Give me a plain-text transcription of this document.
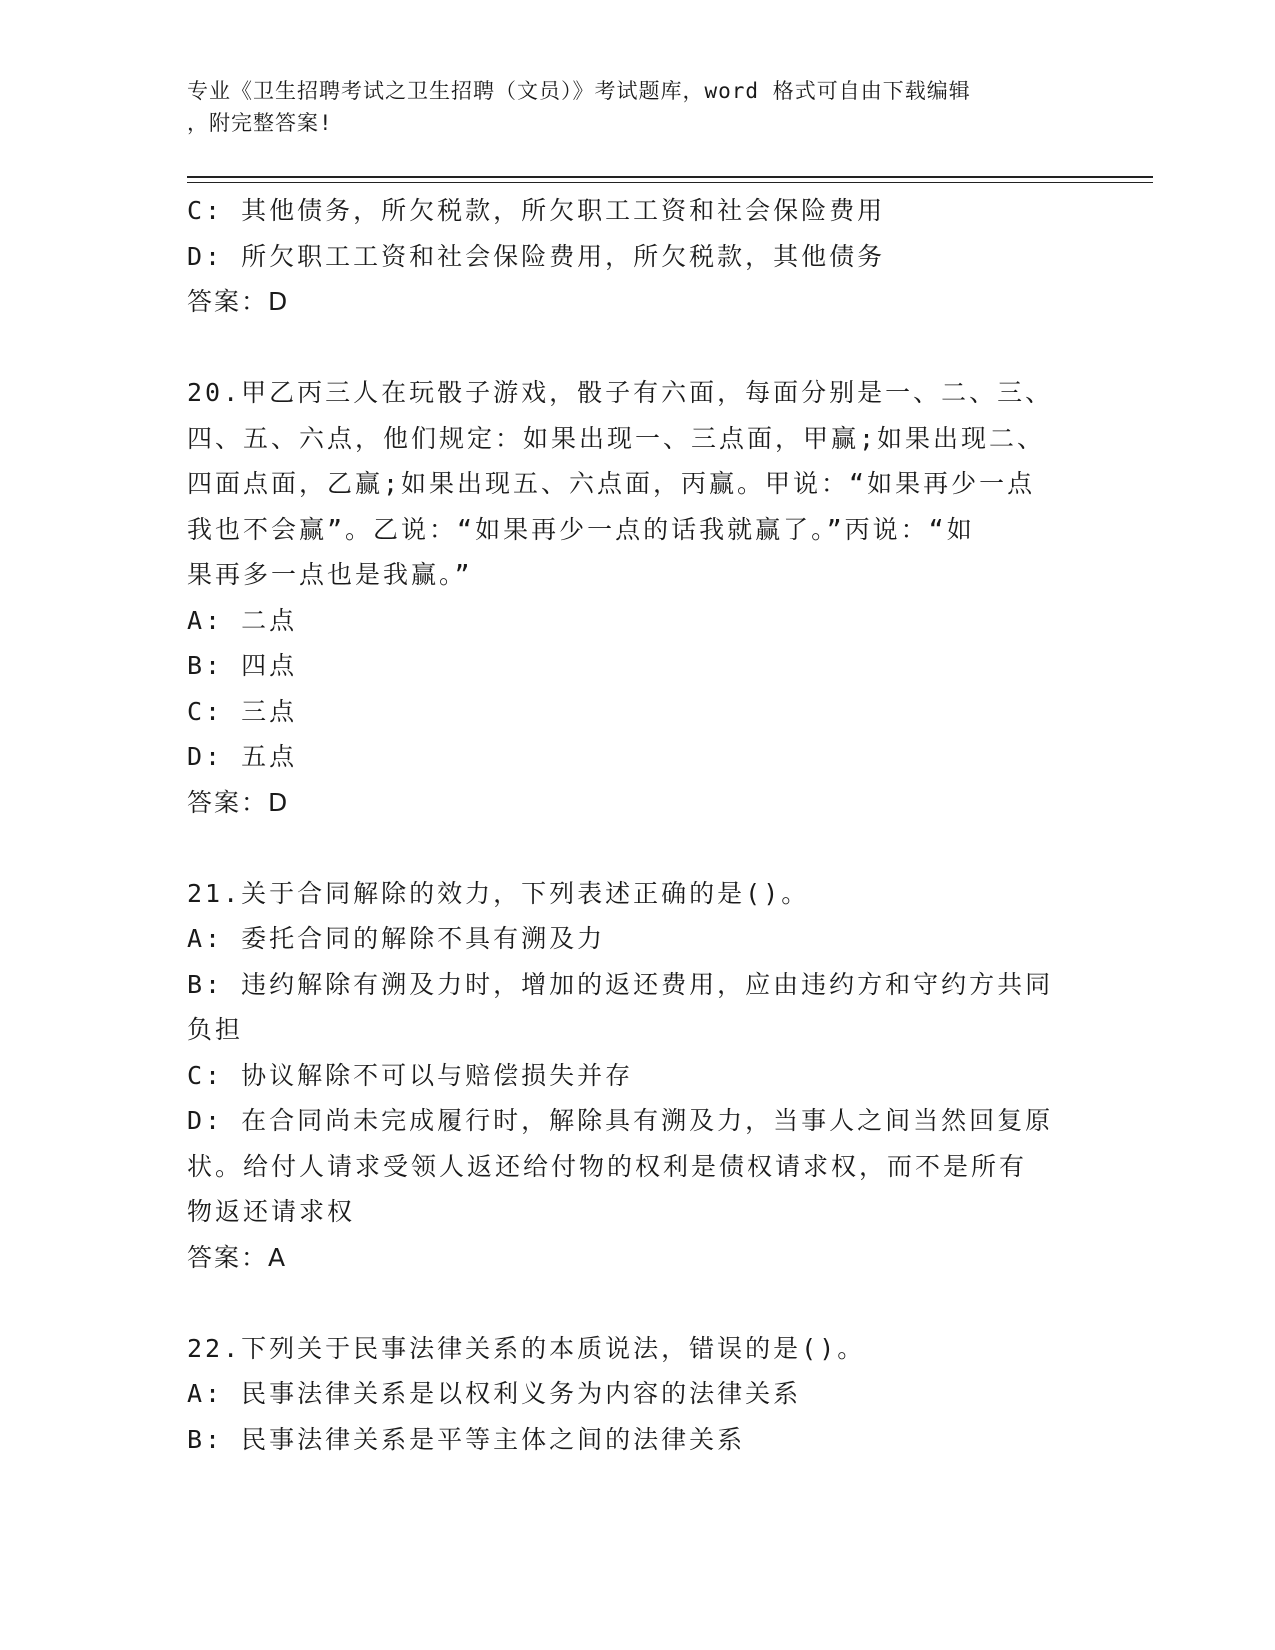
专业《卫生招聘考试之卫生招聘（文员）》考试题库，word 格式可自由下载编辑
，附完整答案!
C: 其他债务，所欠税款，所欠职工工资和社会保险费用
D: 所欠职工工资和社会保险费用，所欠税款，其他债务
答案：D
20.甲乙丙三人在玩骰子游戏，骰子有六面，每面分别是一、二、三、
四、五、六点，他们规定：如果出现一、三点面，甲赢;如果出现二、
四面点面，乙赢;如果出现五、六点面，丙赢。甲说：“如果再少一点
我也不会赢”。乙说：“如果再少一点的话我就赢了。”丙说：“如
果再多一点也是我赢。”
A: 二点
B: 四点
C: 三点
D: 五点
答案：D
21.关于合同解除的效力，下列表述正确的是()。
A: 委托合同的解除不具有溯及力
B: 违约解除有溯及力时，增加的返还费用，应由违约方和守约方共同
负担
C: 协议解除不可以与赔偿损失并存
D: 在合同尚未完成履行时，解除具有溯及力，当事人之间当然回复原
状。给付人请求受领人返还给付物的权利是债权请求权，而不是所有
物返还请求权
答案：A
22.下列关于民事法律关系的本质说法，错误的是()。
A: 民事法律关系是以权利义务为内容的法律关系
B: 民事法律关系是平等主体之间的法律关系
